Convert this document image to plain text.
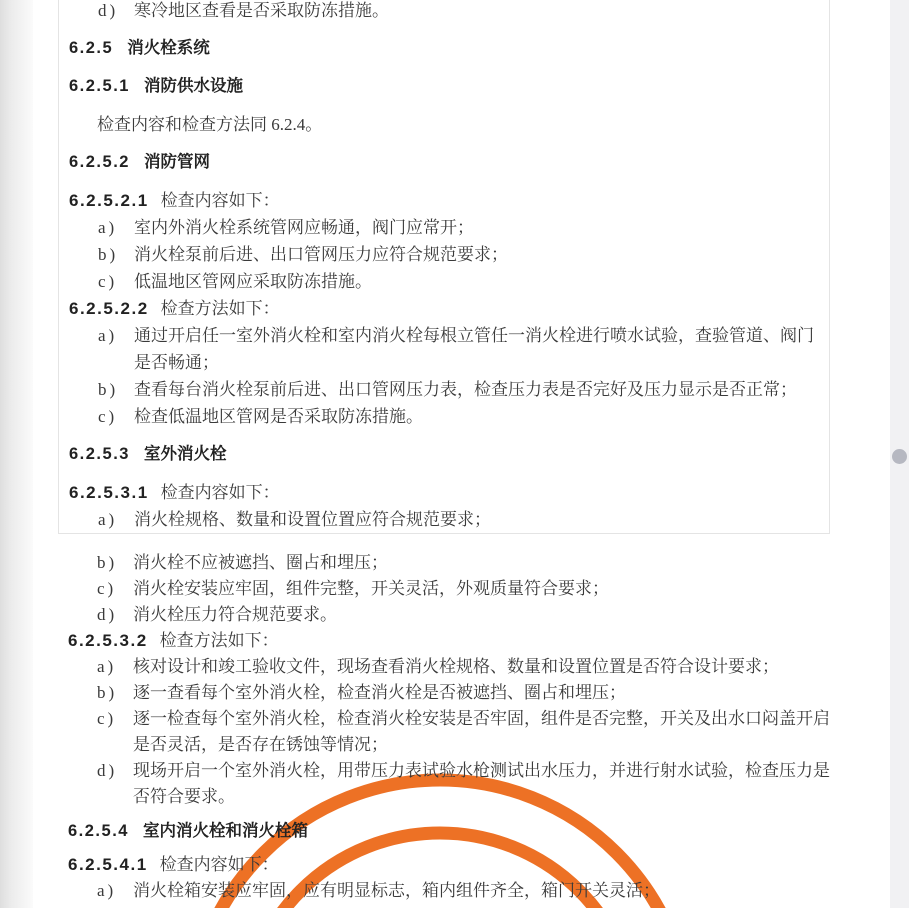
d) 寒冷地区查看是否采取防冻措施。
6.2.5 消火栓系统
6.2.5.1 消防供水设施
检查内容和检查方法同 6.2.4。
6.2.5.2 消防管网
6.2.5.2.1 检查内容如下：
a) 室内外消火栓系统管网应畅通，阀门应常开；
b) 消火栓泵前后进、出口管网压力应符合规范要求；
c) 低温地区管网应采取防冻措施。
6.2.5.2.2 检查方法如下：
a) 通过开启任一室外消火栓和室内消火栓每根立管任一消火栓进行喷水试验，查验管道、阀门
是否畅通；
b) 查看每台消火栓泵前后进、出口管网压力表，检查压力表是否完好及压力显示是否正常；
c) 检查低温地区管网是否采取防冻措施。
6.2.5.3 室外消火栓
6.2.5.3.1 检查内容如下：
a) 消火栓规格、数量和设置位置应符合规范要求；
b) 消火栓不应被遮挡、圈占和埋压；
c) 消火栓安装应牢固，组件完整，开关灵活，外观质量符合要求；
d) 消火栓压力符合规范要求。
6.2.5.3.2 检查方法如下：
a) 核对设计和竣工验收文件，现场查看消火栓规格、数量和设置位置是否符合设计要求；
b) 逐一查看每个室外消火栓，检查消火栓是否被遮挡、圈占和埋压；
c) 逐一检查每个室外消火栓，检查消火栓安装是否牢固，组件是否完整，开关及出水口闷盖开启
是否灵活，是否存在锈蚀等情况；
d) 现场开启一个室外消火栓，用带压力表试验水枪测试出水压力，并进行射水试验，检查压力是
否符合要求。
6.2.5.4 室内消火栓和消火栓箱
6.2.5.4.1 检查内容如下：
a) 消火栓箱安装应牢固，应有明显标志，箱内组件齐全，箱门开关灵活；
